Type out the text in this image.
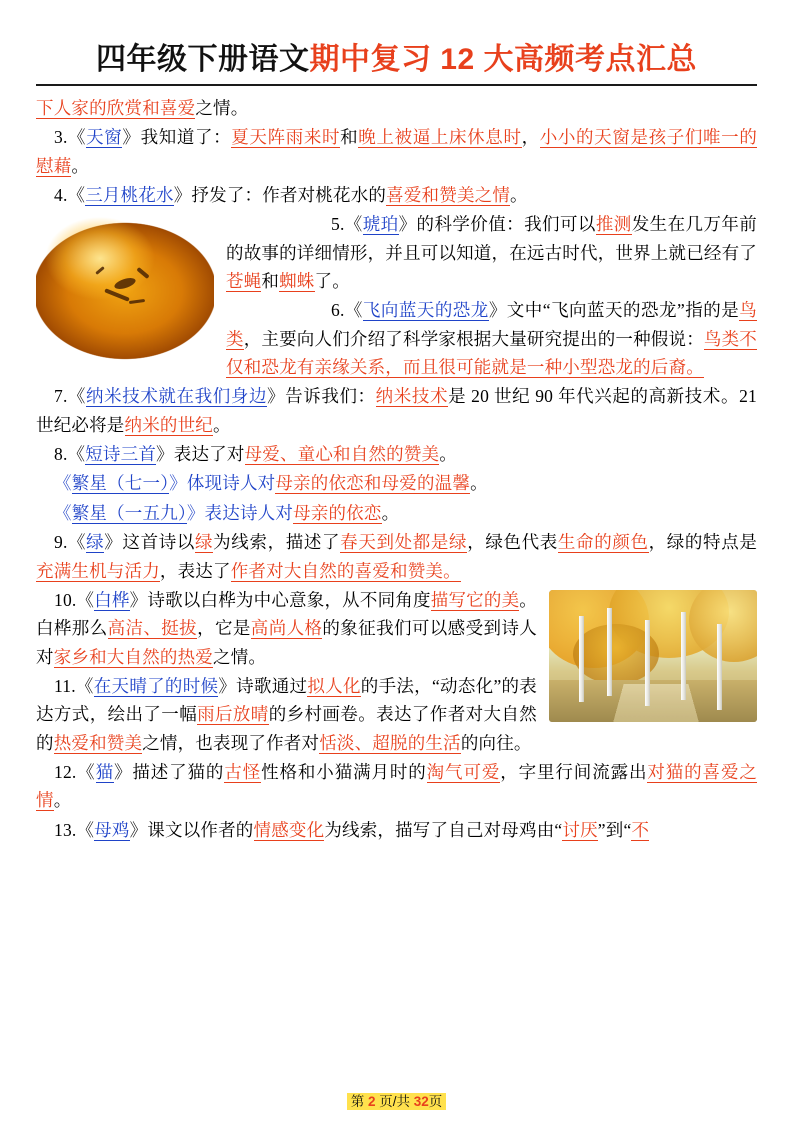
四年级下册语文期中复习 12 大高频考点汇总

下人家的欣赏和喜爱之情。

3.《天窗》我知道了：夏天阵雨来时和晚上被逼上床休息时，小小的天窗是孩子们唯一的慰藉。

4.《三月桃花水》抒发了：作者对桃花水的喜爱和赞美之情。

5.《琥珀》的科学价值：我们可以推测发生在几万年前的故事的详细情形，并且可以知道，在远古时代，世界上就已经有了苍蝇和蜘蛛了。

6.《飞向蓝天的恐龙》文中“飞向蓝天的恐龙”指的是鸟类，主要向人们介绍了科学家根据大量研究提出的一种假说：鸟类不仅和恐龙有亲缘关系，而且很可能就是一种小型恐龙的后裔。

7.《纳米技术就在我们身边》告诉我们：纳米技术是 20 世纪 90 年代兴起的高新技术。21 世纪必将是纳米的世纪。

8.《短诗三首》表达了对母爱、童心和自然的赞美。

《繁星（七一）》体现诗人对母亲的依恋和母爱的温馨。

《繁星（一五九）》表达诗人对母亲的依恋。

9.《绿》这首诗以绿为线索，描述了春天到处都是绿，绿色代表生命的颜色，绿的特点是充满生机与活力，表达了作者对大自然的喜爱和赞美。

10.《白桦》诗歌以白桦为中心意象，从不同角度描写它的美。白桦那么高洁、挺拔，它是高尚人格的象征我们可以感受到诗人对家乡和大自然的热爱之情。

11.《在天晴了的时候》诗歌通过拟人化的手法，“动态化”的表达方式，绘出了一幅雨后放晴的乡村画卷。表达了作者对大自然的热爱和赞美之情，也表现了作者对恬淡、超脱的生活的向往。

12.《猫》描述了猫的古怪性格和小猫满月时的淘气可爱，字里行间流露出对猫的喜爱之情。

13.《母鸡》课文以作者的情感变化为线索，描写了自己对母鸡由“讨厌”到“不

第 2 页/共 32页
